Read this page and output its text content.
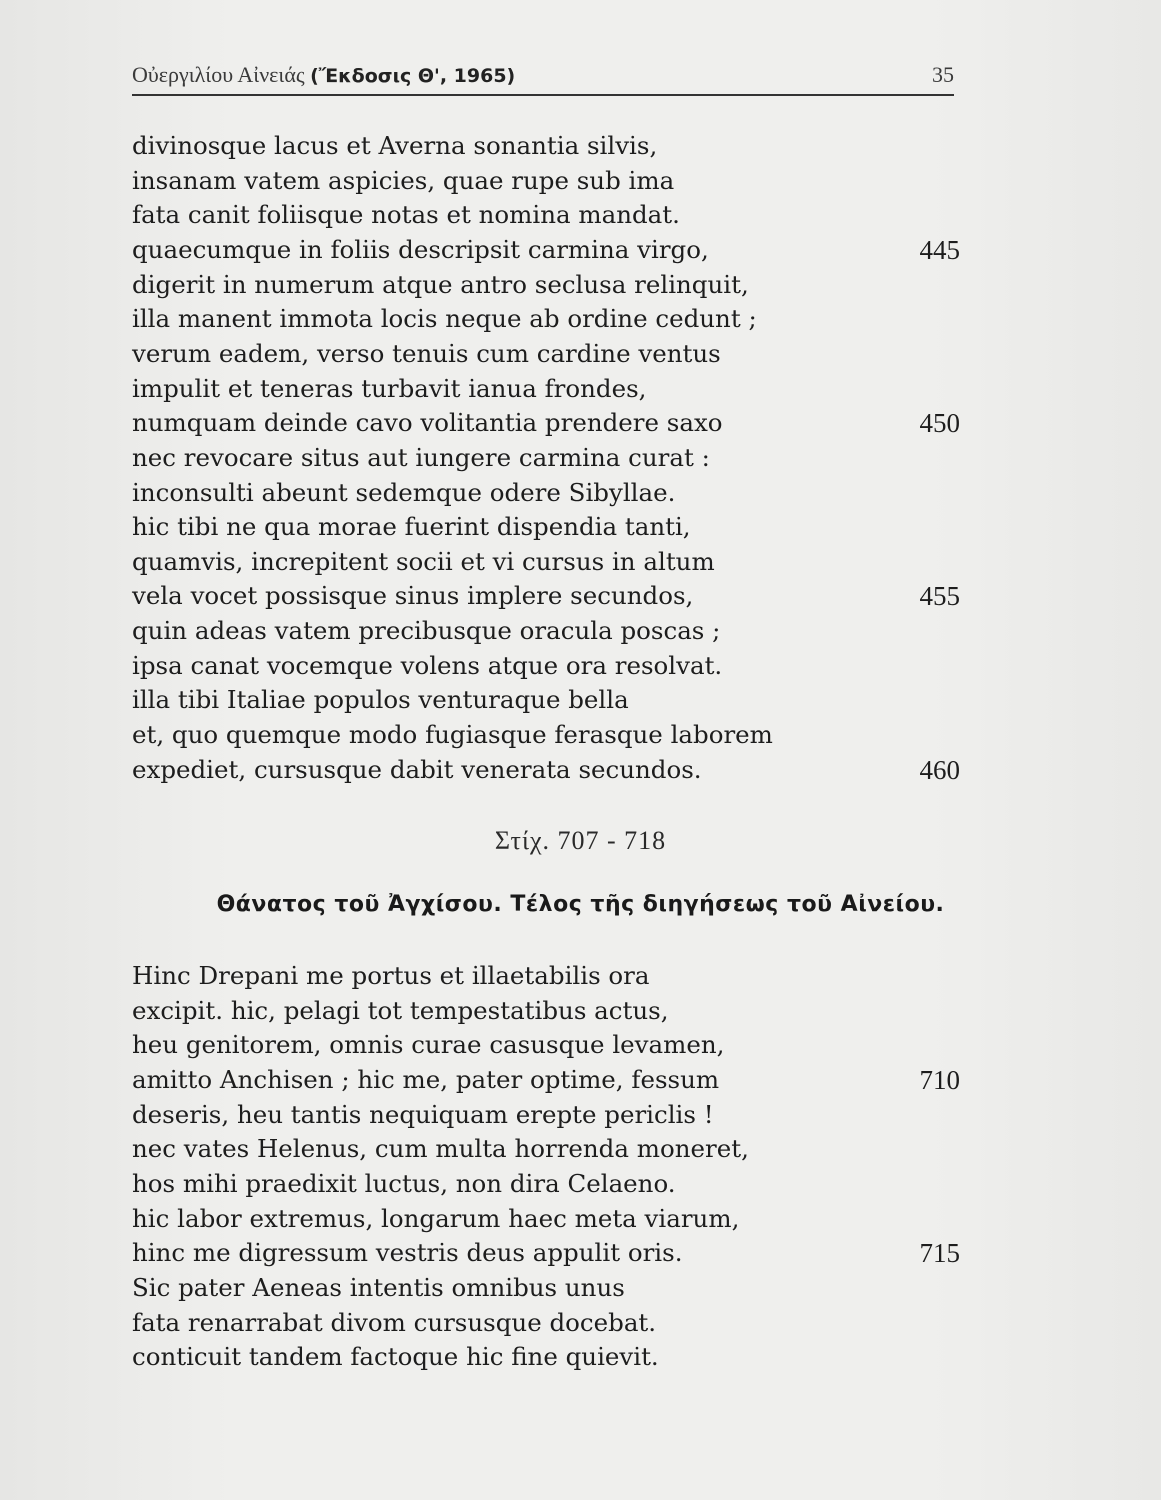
Οὐεργιλίου Αἰνειάς (Ἔκδοσις Θ', 1965)	35
divinosque lacus et Averna sonantia silvis,
insanam vatem aspicies, quae rupe sub ima
fata canit foliisque notas et nomina mandat.
quaecumque in foliis descripsit carmina virgo,	445
digerit in numerum atque antro seclusa relinquit,
illa manent immota locis neque ab ordine cedunt ;
verum eadem, verso tenuis cum cardine ventus
impulit et teneras turbavit ianua frondes,
numquam deinde cavo volitantia prendere saxo	450
nec revocare situs aut iungere carmina curat :
inconsulti abeunt sedemque odere Sibyllae.
hic tibi ne qua morae fuerint dispendia tanti,
quamvis, increpitent socii et vi cursus in altum
vela vocet possisque sinus implere secundos,	455
quin adeas vatem precibusque oracula poscas ;
ipsa canat vocemque volens atque ora resolvat.
illa tibi Italiae populos venturaque bella
et, quo quemque modo fugiasque ferasque laborem
expediet, cursusque dabit venerata secundos.	460
Στίχ. 707 - 718
Θάνατος τοῦ Ἀγχίσου. Τέλος τῆς διηγήσεως τοῦ Αἰνείου.
Hinc Drepani me portus et illaetabilis ora
excipit. hic, pelagi tot tempestatibus actus,
heu genitorem, omnis curae casusque levamen,
amitto Anchisen ; hic me, pater optime, fessum	710
deseris, heu tantis nequiquam erepte periclis !
nec vates Helenus, cum multa horrenda moneret,
hos mihi praedixit luctus, non dira Celaeno.
hic labor extremus, longarum haec meta viarum,
hinc me digressum vestris deus appulit oris.	715
Sic pater Aeneas intentis omnibus unus
fata renarrabat divom cursusque docebat.
conticuit tandem factoque hic fine quievit.
